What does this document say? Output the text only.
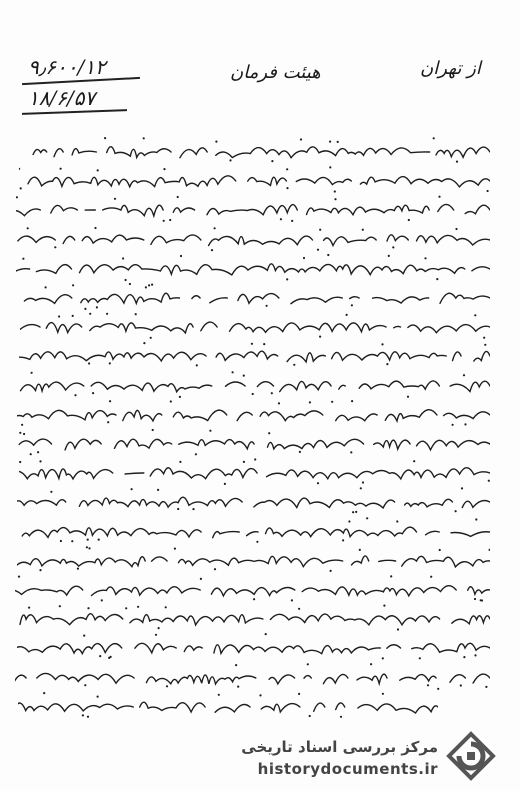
۹٫۶۰۰/۱۲
۱۸/۶/۵۷
هیئت فرمان	از تهران
مرکز بررسی اسناد تاریخی
historydocuments.ir
